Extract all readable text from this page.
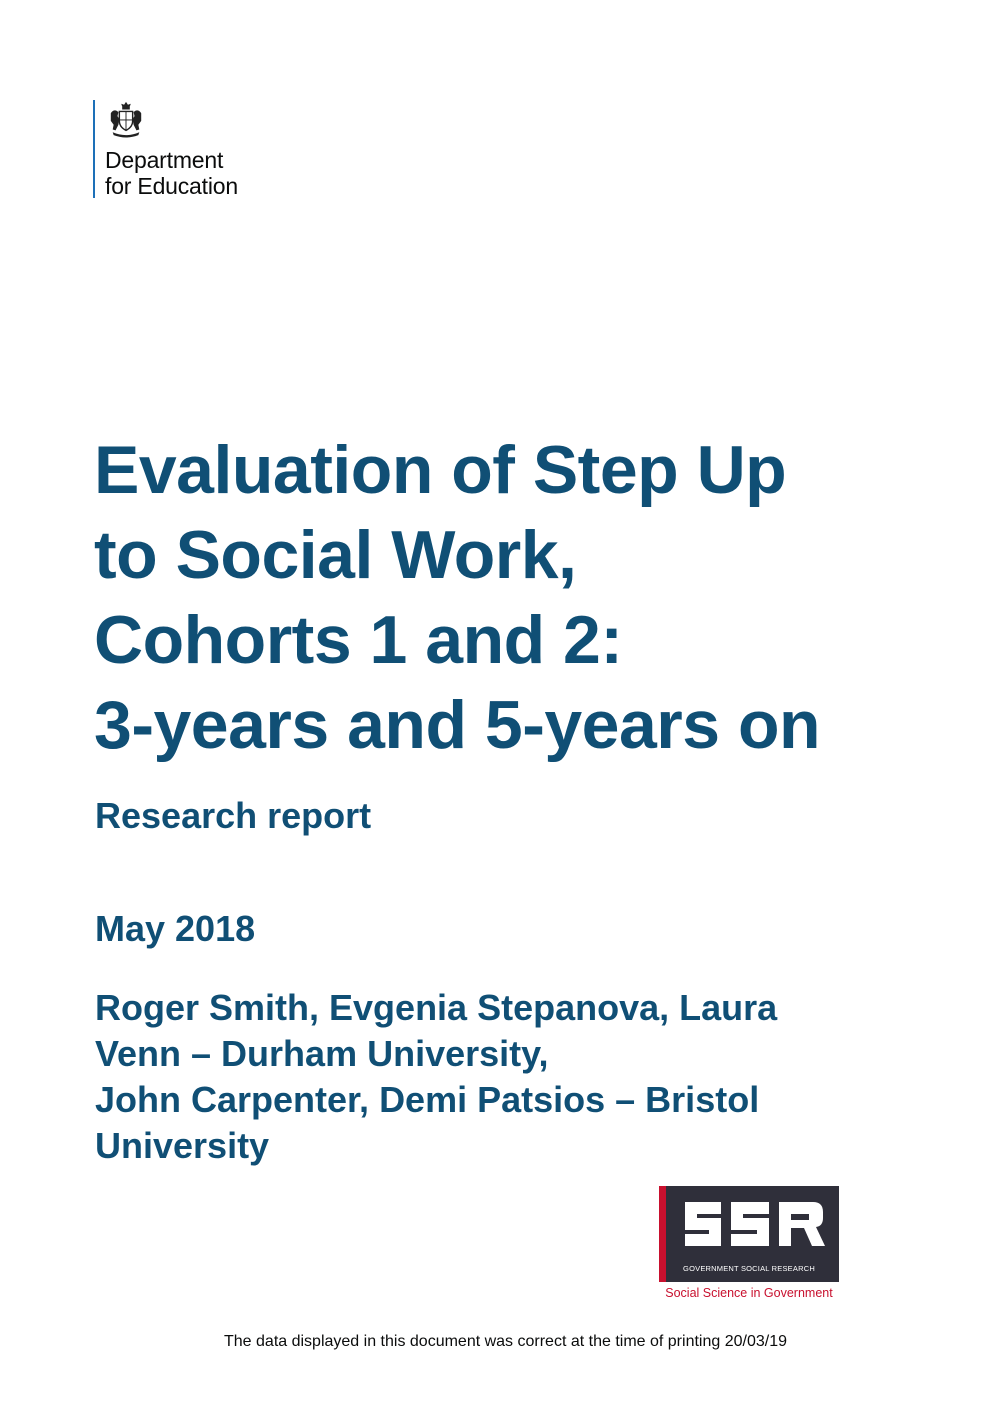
Department
for Education
Evaluation of Step Up
to Social Work,
Cohorts 1 and 2:
3-years and 5-years on
Research report
May 2018
Roger Smith, Evgenia Stepanova, Laura
Venn – Durham University,
John Carpenter, Demi Patsios – Bristol
University
GOVERNMENT SOCIAL RESEARCH
Social Science in Government
The data displayed in this document was correct at the time of printing 20/03/19
